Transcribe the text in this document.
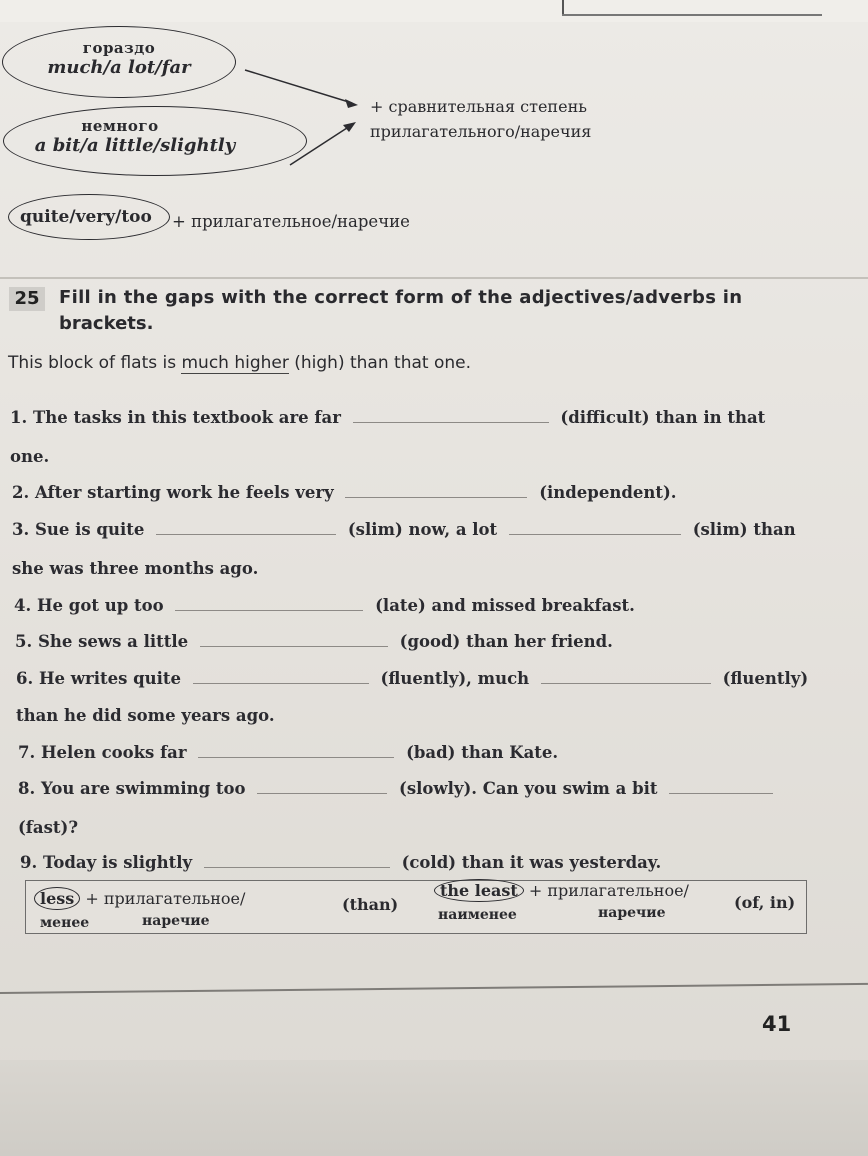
гораздо
much/a lot/far
немного
a bit/a little/slightly
+ сравнительная степень
прилагательного/наречия
quite/very/too + прилагательное/наречие
25	Fill in the gaps with the correct form of the adjectives/adverbs in
brackets.
This block of flats is much higher (high) than that one.
1. The tasks in this textbook are far	(difficult) than in that
one.
2. After starting work he feels very	(independent).
3. Sue is quite	(slim) now, a lot	(slim) than
she was three months ago.
4. He got up too	(late) and missed breakfast.
5. She sews a little	(good) than her friend.
6. He writes quite	(fluently), much	(fluently)
than he did some years ago.
7. Helen cooks far	(bad) than Kate.
8. You are swimming too	(slowly). Can you swim a bit
(fast)?
9. Today is slightly	(cold) than it was yesterday.
less + прилагательное/
менее	наречие
(than)
the least + прилагательное/
наименее	наречие
(of, in)
41
